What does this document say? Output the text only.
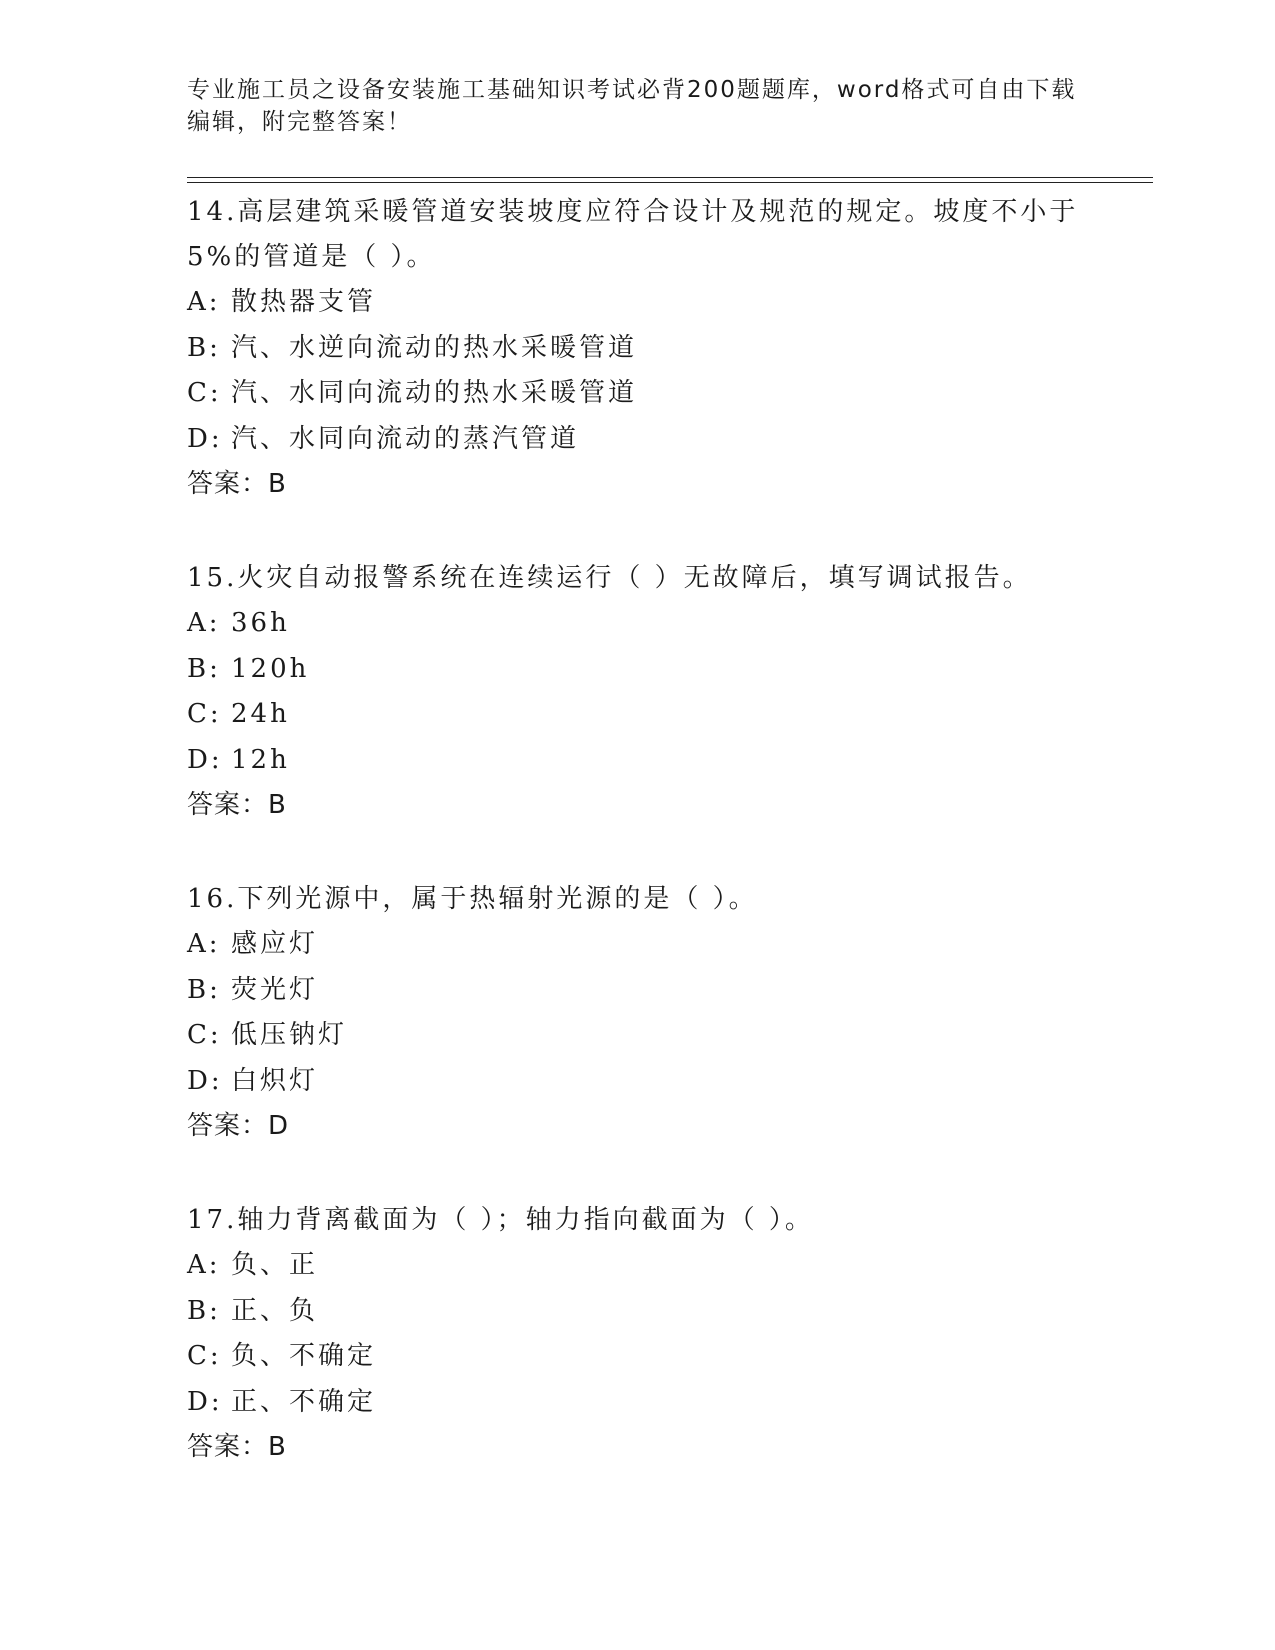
专业施工员之设备安装施工基础知识考试必背200题题库，word格式可自由下载
编辑，附完整答案！

14.高层建筑采暖管道安装坡度应符合设计及规范的规定。坡度不小于5%的管道是（ ）。

A: 散热器支管
B: 汽、水逆向流动的热水采暖管道
C: 汽、水同向流动的热水采暖管道
D: 汽、水同向流动的蒸汽管道
答案：B

15.火灾自动报警系统在连续运行（ ）无故障后，填写调试报告。

A: 36h
B: 120h
C: 24h
D: 12h
答案：B

16.下列光源中，属于热辐射光源的是（ ）。

A: 感应灯
B: 荧光灯
C: 低压钠灯
D: 白炽灯
答案：D

17.轴力背离截面为（ ）；轴力指向截面为（ ）。

A: 负、正
B: 正、负
C: 负、不确定
D: 正、不确定
答案：B
